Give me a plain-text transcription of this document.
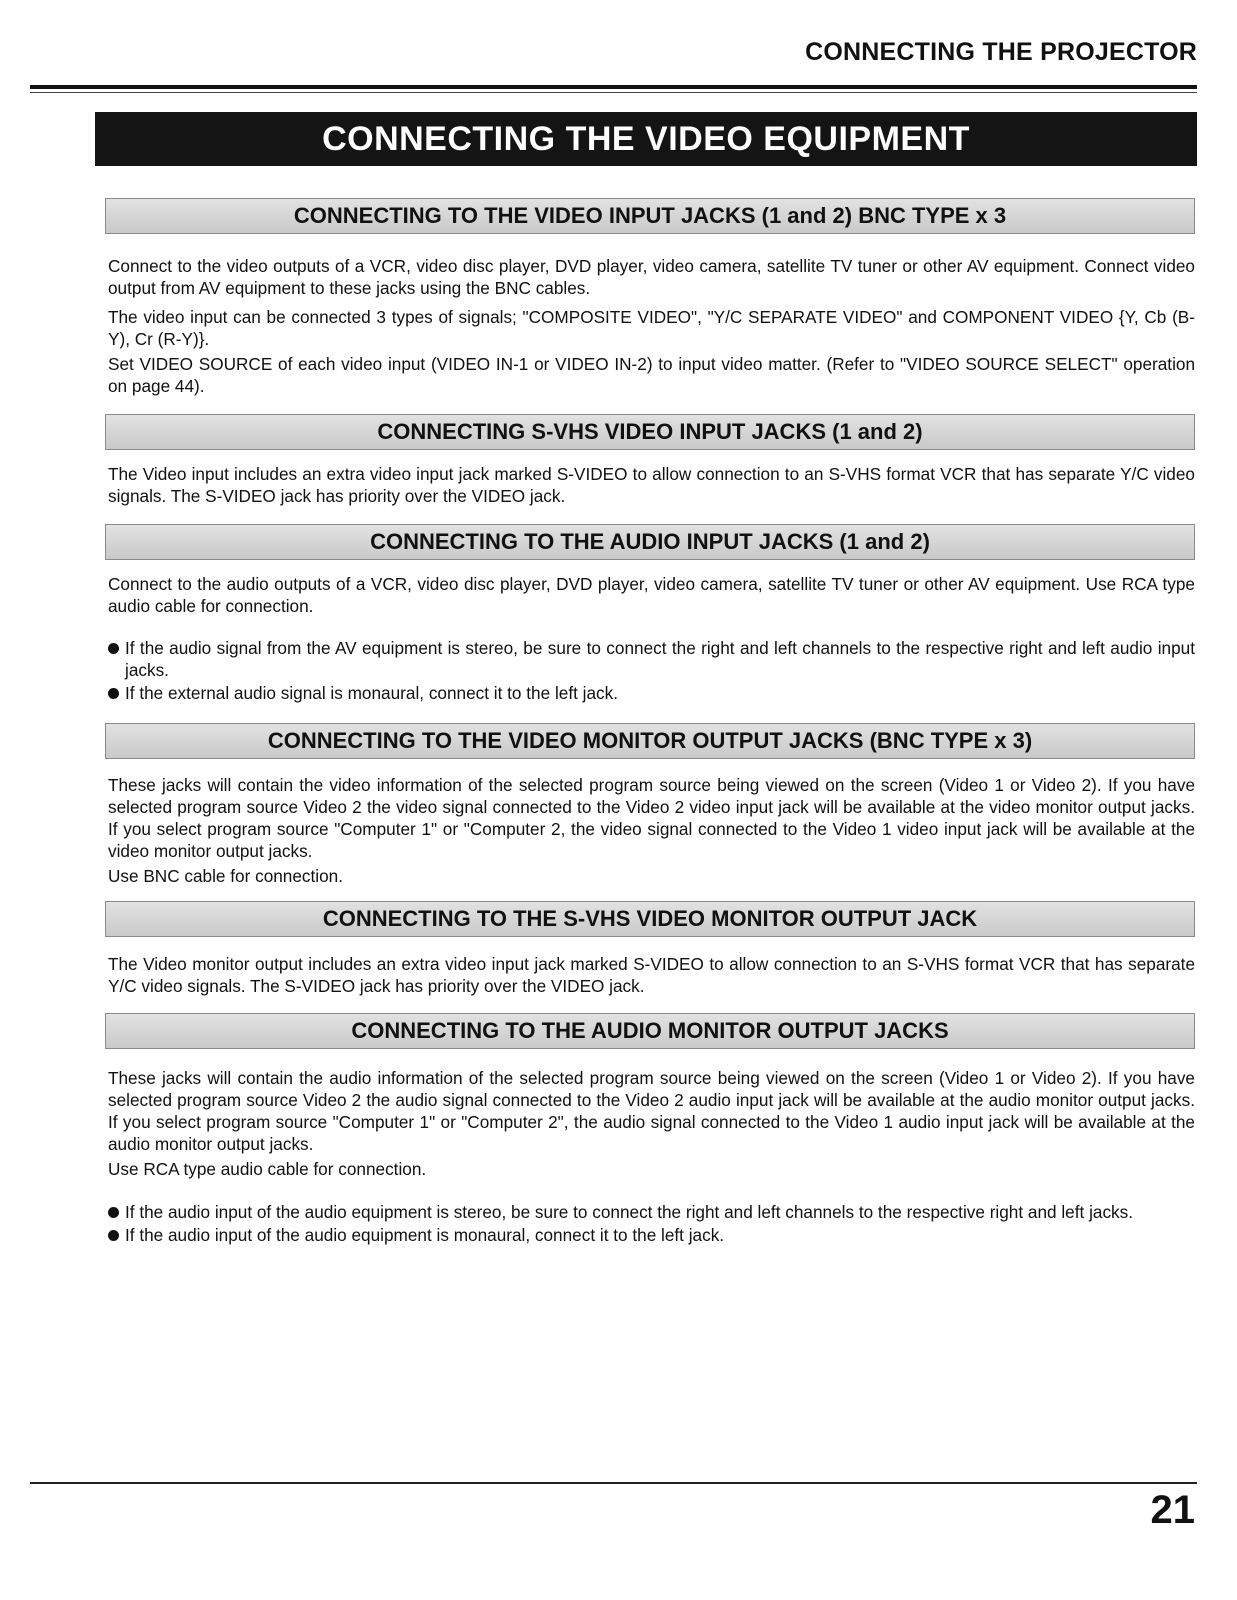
CONNECTING THE PROJECTOR
CONNECTING THE VIDEO EQUIPMENT
CONNECTING TO THE VIDEO INPUT JACKS (1 and 2) BNC TYPE x 3

Connect to the video outputs of a VCR, video disc player, DVD player, video camera, satellite TV tuner or other AV equipment. Connect video output from AV equipment to these jacks using the BNC cables.

The video input can be connected 3 types of signals; "COMPOSITE VIDEO", "Y/C SEPARATE VIDEO" and COMPONENT VIDEO {Y, Cb (B-Y), Cr (R-Y)}.

Set VIDEO SOURCE of each video input (VIDEO IN-1 or VIDEO IN-2) to input video matter. (Refer to "VIDEO SOURCE SELECT" operation on page 44).

CONNECTING S-VHS VIDEO INPUT JACKS (1 and 2)

The Video input includes an extra video input jack marked S-VIDEO to allow connection to an S-VHS format VCR that has separate Y/C video signals. The S-VIDEO jack has priority over the VIDEO jack.

CONNECTING TO THE AUDIO INPUT JACKS (1 and 2)

Connect to the audio outputs of a VCR, video disc player, DVD player, video camera, satellite TV tuner or other AV equipment. Use RCA type audio cable for connection.

If the audio signal from the AV equipment is stereo, be sure to connect the right and left channels to the respective right and left audio input jacks.
If the external audio signal is monaural, connect it to the left jack.
CONNECTING TO THE VIDEO MONITOR OUTPUT JACKS (BNC TYPE x 3)

These jacks will contain the video information of the selected program source being viewed on the screen (Video 1 or Video 2). If you have selected program source Video 2 the video signal connected to the Video 2 video input jack will be available at the video monitor output jacks. If you select program source "Computer 1" or "Computer 2, the video signal connected to the Video 1 video input jack will be available at the video monitor output jacks.

Use BNC cable for connection.

CONNECTING TO THE S-VHS VIDEO MONITOR OUTPUT JACK

The Video monitor output includes an extra video input jack marked S-VIDEO to allow connection to an S-VHS format VCR that has separate Y/C video signals. The S-VIDEO jack has priority over the VIDEO jack.

CONNECTING TO THE AUDIO MONITOR OUTPUT JACKS

These jacks will contain the audio information of the selected program source being viewed on the screen (Video 1 or Video 2). If you have selected program source Video 2 the audio signal connected to the Video 2 audio input jack will be available at the audio monitor output jacks. If you select program source "Computer 1" or "Computer 2", the audio signal connected to the Video 1 audio input jack will be available at the audio monitor output jacks.

Use RCA type audio cable for connection.

If the audio input of the audio equipment is stereo, be sure to connect the right and left channels to the respective right and left jacks.
If the audio input of the audio equipment is monaural, connect it to the left jack.
21
